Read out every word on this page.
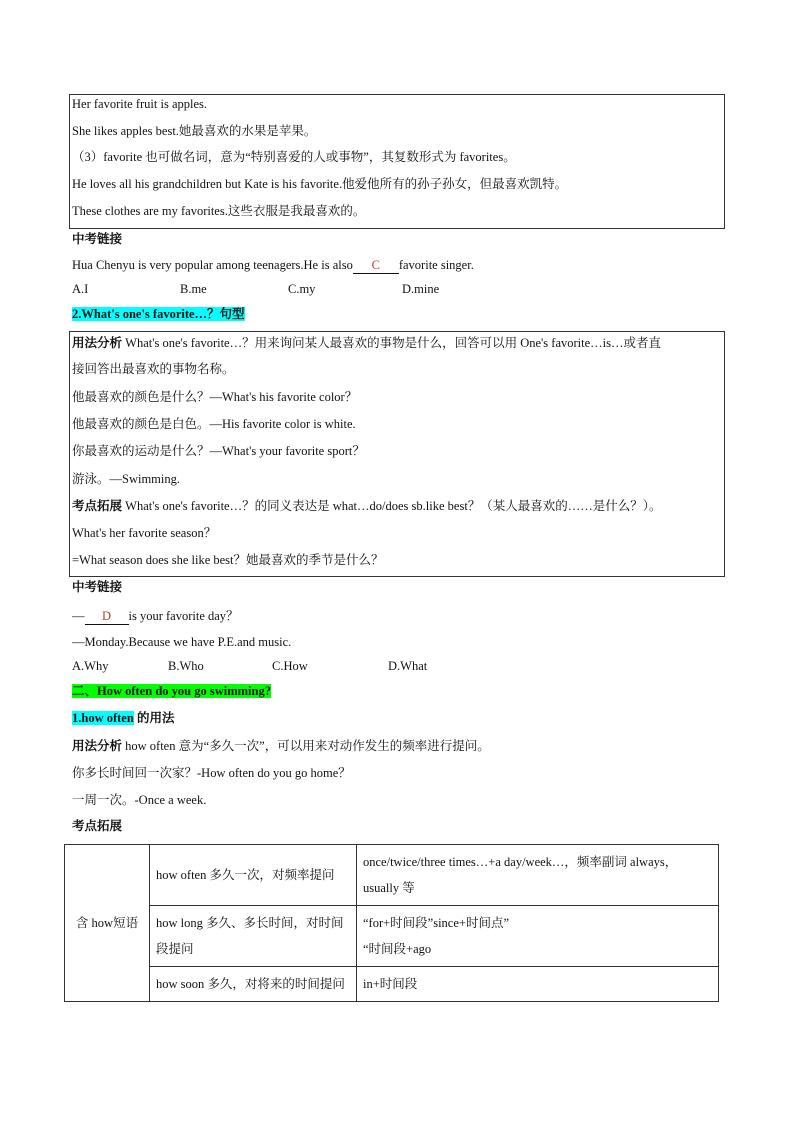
Her favorite fruit is apples.
She likes apples best.她最喜欢的水果是苹果。
（3）favorite 也可做名词，意为“特别喜爱的人或事物”，其复数形式为 favorites。
He loves all his grandchildren but Kate is his favorite.他爱他所有的孙子孙女，但最喜欢凯特。
These clothes are my favorites.这些衣服是我最喜欢的。
中考链接
Hua Chenyu is very popular among teenagers.He is also C favorite singer.
A.I	B.me	C.my	D.mine
2.What's one's favorite…？句型
用法分析 What's one's favorite…？用来询问某人最喜欢的事物是什么，回答可以用 One's favorite…is…或者直
接回答出最喜欢的事物名称。
他最喜欢的颜色是什么？—What's his favorite color？
他最喜欢的颜色是白色。—His favorite color is white.
你最喜欢的运动是什么？—What's your favorite sport？
游泳。—Swimming.
考点拓展 What's one's favorite…？的同义表达是 what…do/does sb.like best？（某人最喜欢的……是什么？）。
What's her favorite season？
=What season does she like best？她最喜欢的季节是什么？
中考链接
— D is your favorite day？
—Monday.Because we have P.E.and music.
A.Why	B.Who	C.How	D.What
二、How often do you go swimming?
1.how often 的用法
用法分析 how often 意为“多久一次”，可以用来对动作发生的频率进行提问。
你多长时间回一次家？-How often do you go home？
一周一次。-Once a week.
考点拓展
含 how短语	how often 多久一次，对频率提问	once/twice/three times…+a day/week…，频率副词 always，
usually 等

	how long 多久、多长时间，对时间段提问	“for+时间段”since+时间点”
“时间段+ago

	how soon 多久，对将来的时间提问	in+时间段
